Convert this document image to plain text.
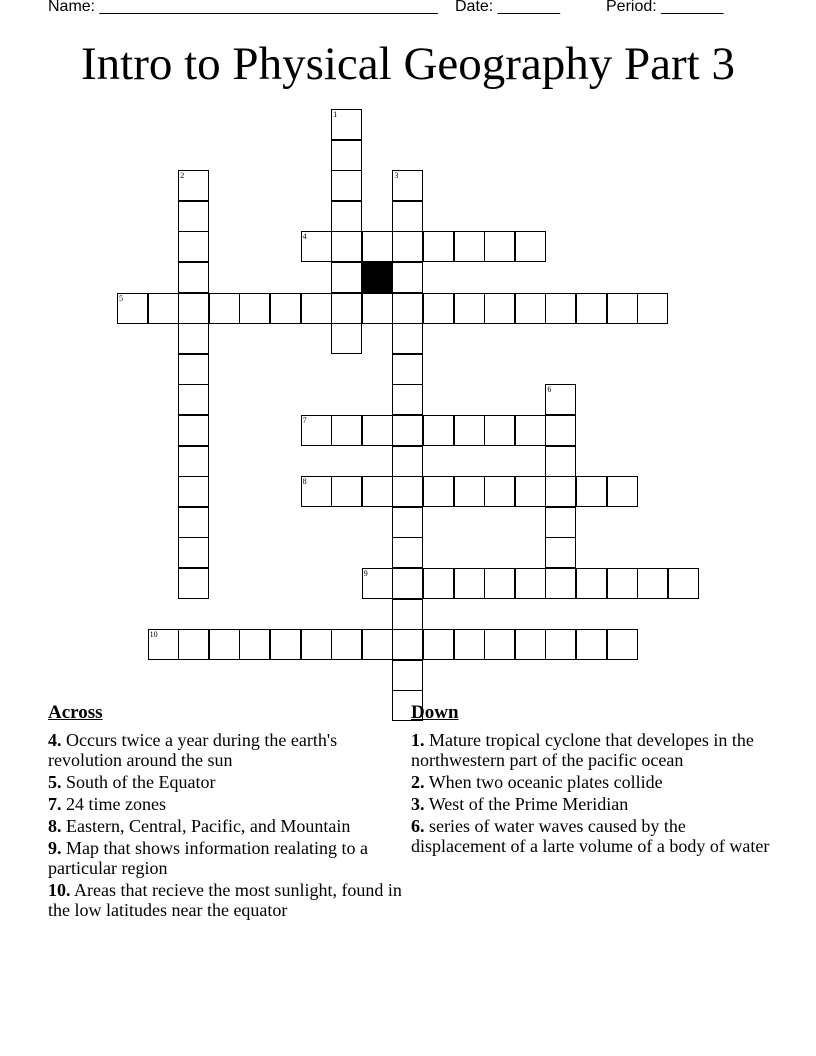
Name: ______________________________________ Date: _______	Period: _______
Intro to Physical Geography Part 3
1
2	3
4
5
6
7
8
9
10
Across
4. Occurs twice a year during the earth's revolution around the sun
5. South of the Equator
7. 24 time zones
8. Eastern, Central, Pacific, and Mountain
9. Map that shows information realating to a particular region
10. Areas that recieve the most sunlight, found in the low latitudes near the equator
Down
1. Mature tropical cyclone that developes in the northwestern part of the pacific ocean
2. When two oceanic plates collide
3. West of the Prime Meridian
6. series of water waves caused by the displacement of a larte volume of a body of water
